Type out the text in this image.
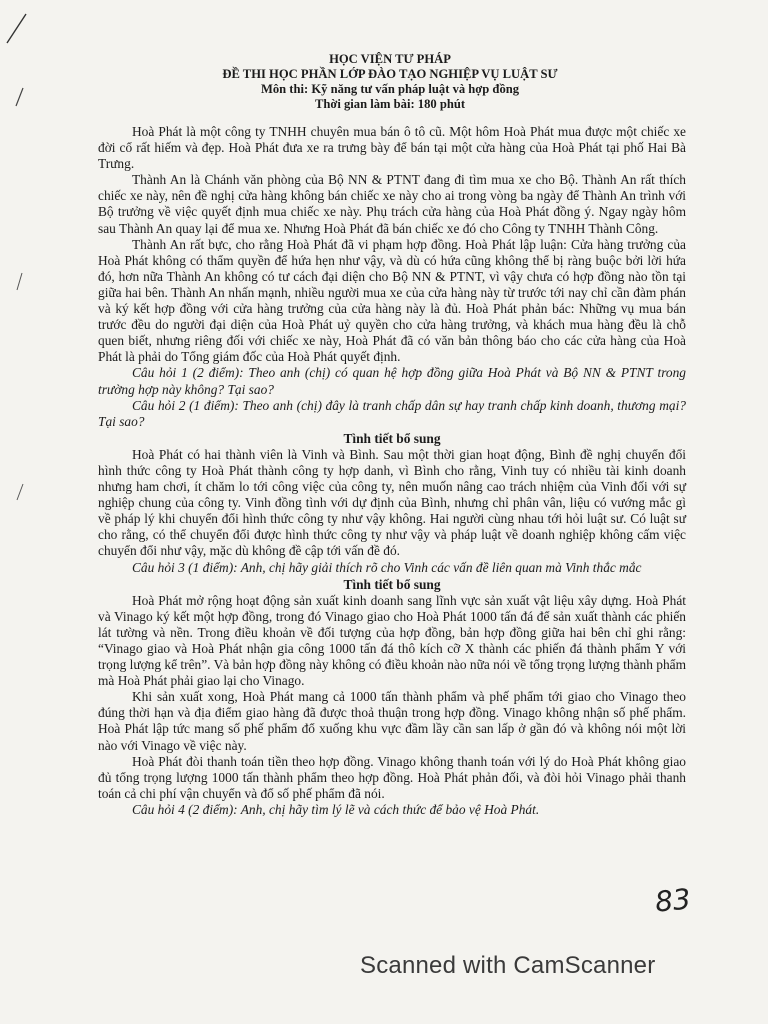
HỌC VIỆN TƯ PHÁP
ĐỀ THI HỌC PHẦN LỚP ĐÀO TẠO NGHIỆP VỤ LUẬT SƯ
Môn thi: Kỹ năng tư vấn pháp luật và hợp đồng
Thời gian làm bài: 180 phút

Hoà Phát là một công ty TNHH chuyên mua bán ô tô cũ. Một hôm Hoà Phát mua được một chiếc xe đời cổ rất hiếm và đẹp. Hoà Phát đưa xe ra trưng bày để bán tại một cửa hàng của Hoà Phát tại phố Hai Bà Trưng.

Thành An là Chánh văn phòng của Bộ NN & PTNT đang đi tìm mua xe cho Bộ. Thành An rất thích chiếc xe này, nên đề nghị cửa hàng không bán chiếc xe này cho ai trong vòng ba ngày để Thành An trình với Bộ trưởng về việc quyết định mua chiếc xe này. Phụ trách cửa hàng của Hoà Phát đồng ý. Ngay ngày hôm sau Thành An quay lại để mua xe. Nhưng Hoà Phát đã bán chiếc xe đó cho Công ty TNHH Thành Công.

Thành An rất bực, cho rằng Hoà Phát đã vi phạm hợp đồng. Hoà Phát lập luận: Cửa hàng trưởng của Hoà Phát không có thẩm quyền để hứa hẹn như vậy, và dù có hứa cũng không thể bị ràng buộc bởi lời hứa đó, hơn nữa Thành An không có tư cách đại diện cho Bộ NN & PTNT, vì vậy chưa có hợp đồng nào tồn tại giữa hai bên. Thành An nhấn mạnh, nhiều người mua xe của cửa hàng này từ trước tới nay chỉ cần đàm phán và ký kết hợp đồng với cửa hàng trưởng của cửa hàng này là đủ. Hoà Phát phản bác: Những vụ mua bán trước đều do người đại diện của Hoà Phát uỷ quyền cho cửa hàng trưởng, và khách mua hàng đều là chỗ quen biết, nhưng riêng đối với chiếc xe này, Hoà Phát đã có văn bản thông báo cho các cửa hàng của Hoà Phát là phải do Tổng giám đốc của Hoà Phát quyết định.

Câu hỏi 1 (2 điểm): Theo anh (chị) có quan hệ hợp đồng giữa Hoà Phát và Bộ NN & PTNT trong trường hợp này không? Tại sao?

Câu hỏi 2 (1 điểm): Theo anh (chị) đây là tranh chấp dân sự hay tranh chấp kinh doanh, thương mại? Tại sao?

Tình tiết bổ sung

Hoà Phát có hai thành viên là Vinh và Bình. Sau một thời gian hoạt động, Bình đề nghị chuyển đổi hình thức công ty Hoà Phát thành công ty hợp danh, vì Bình cho rằng, Vinh tuy có nhiều tài kinh doanh nhưng ham chơi, ít chăm lo tới công việc của công ty, nên muốn nâng cao trách nhiệm của Vinh đối với sự nghiệp chung của công ty. Vinh đồng tình với dự định của Bình, nhưng chỉ phân vân, liệu có vướng mắc gì về pháp lý khi chuyển đổi hình thức công ty như vậy không. Hai người cùng nhau tới hỏi luật sư. Có luật sư cho rằng, có thể chuyển đổi được hình thức công ty như vậy và pháp luật về doanh nghiệp không cấm việc chuyển đổi như vậy, mặc dù không đề cập tới vấn đề đó.

Câu hỏi 3 (1 điểm): Anh, chị hãy giải thích rõ cho Vinh các vấn đề liên quan mà Vinh thắc mắc

Tình tiết bổ sung

Hoà Phát mở rộng hoạt động sản xuất kinh doanh sang lĩnh vực sản xuất vật liệu xây dựng. Hoà Phát và Vinago ký kết một hợp đồng, trong đó Vinago giao cho Hoà Phát 1000 tấn đá để sản xuất thành các phiến lát tường và nền. Trong điều khoản về đối tượng của hợp đồng, bản hợp đồng giữa hai bên chỉ ghi rằng: “Vinago giao và Hoà Phát nhận gia công 1000 tấn đá thô kích cỡ X thành các phiến đá thành phẩm Y với trọng lượng kể trên”. Và bản hợp đồng này không có điều khoản nào nữa nói về tổng trọng lượng thành phẩm mà Hoà Phát phải giao lại cho Vinago.

Khi sản xuất xong, Hoà Phát mang cả 1000 tấn thành phẩm và phế phẩm tới giao cho Vinago theo đúng thời hạn và địa điểm giao hàng đã được thoả thuận trong hợp đồng. Vinago không nhận số phế phẩm. Hoà Phát lập tức mang số phế phẩm đổ xuống khu vực đầm lầy cần san lấp ở gần đó và không nói một lời nào với Vinago về việc này.

Hoà Phát đòi thanh toán tiền theo hợp đồng. Vinago không thanh toán với lý do Hoà Phát không giao đủ tổng trọng lượng 1000 tấn thành phẩm theo hợp đồng. Hoà Phát phản đối, và đòi hỏi Vinago phải thanh toán cả chi phí vận chuyển và đổ số phế phẩm đã nói.

Câu hỏi 4 (2 điểm): Anh, chị hãy tìm lý lẽ và cách thức để bảo vệ Hoà Phát.

83
Scanned with CamScanner
